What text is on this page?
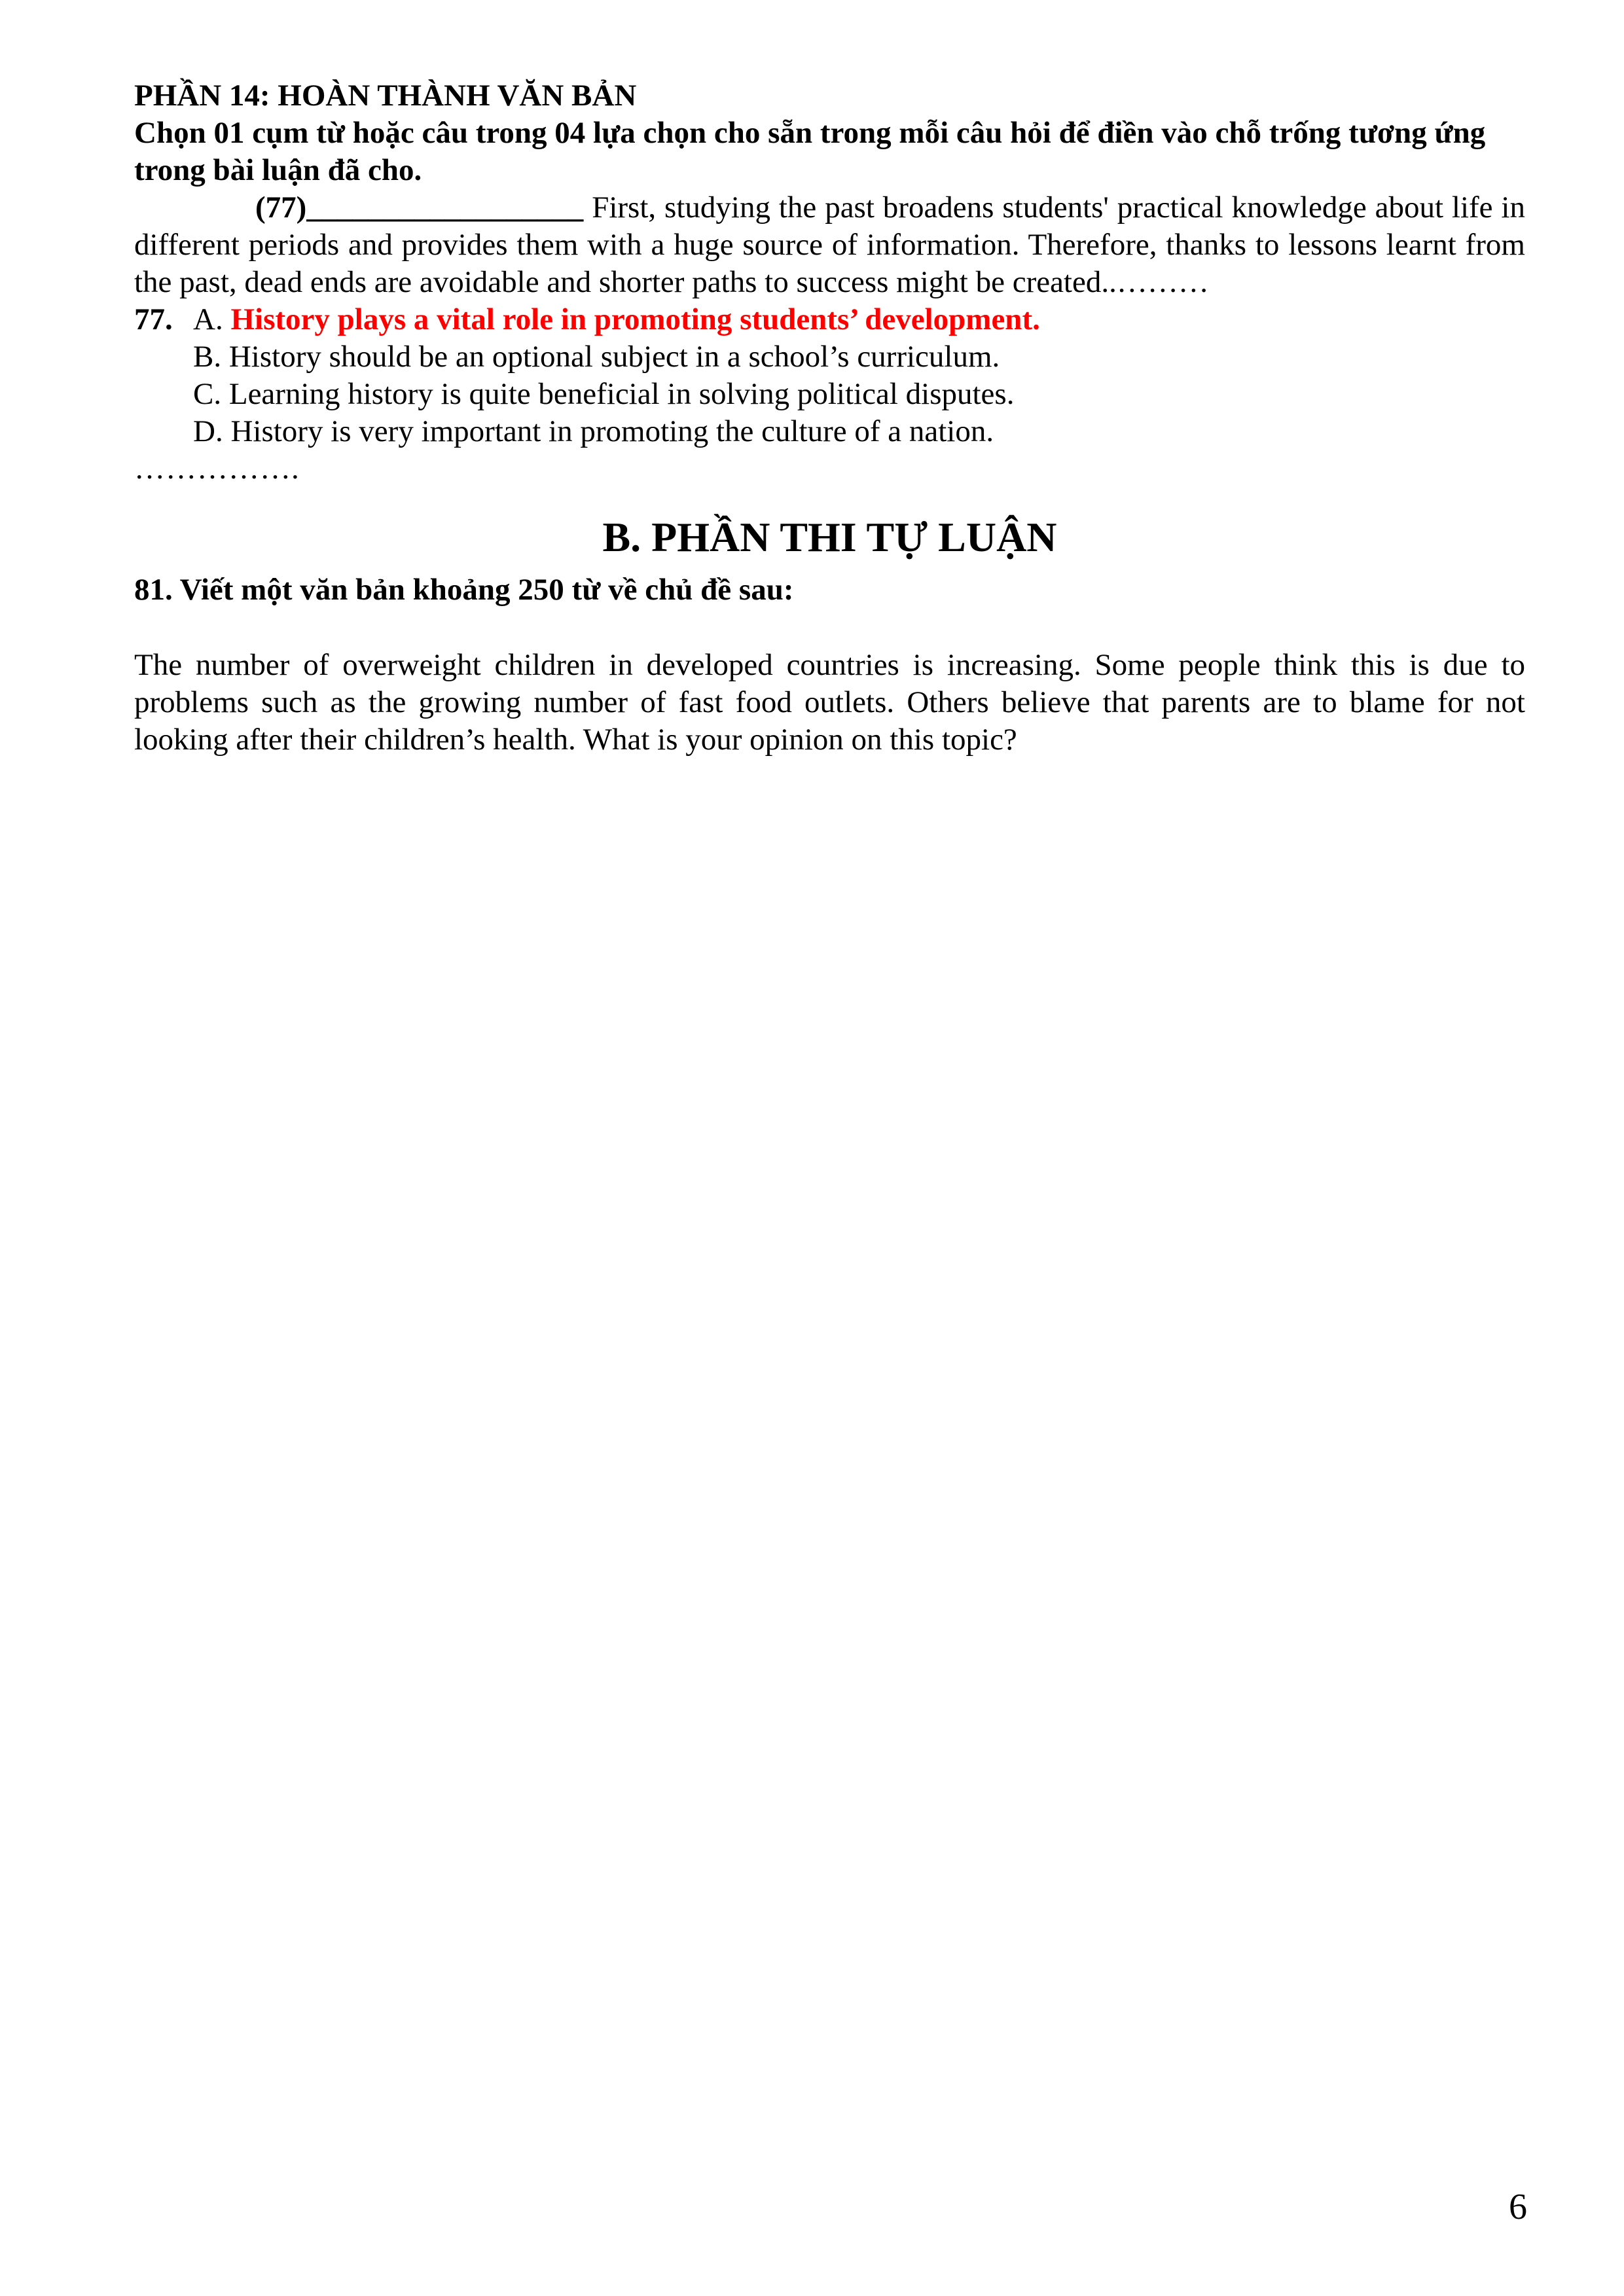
PHẦN 14: HOÀN THÀNH VĂN BẢN

Chọn 01 cụm từ hoặc câu trong 04 lựa chọn cho sẵn trong mỗi câu hỏi để điền vào chỗ trống tương ứng trong bài luận đã cho.

(77)__________________ First, studying the past broadens students' practical knowledge about life in different periods and provides them with a huge source of information. Therefore, thanks to lessons learnt from the past, dead ends are avoidable and shorter paths to success might be created..………

77. A. History plays a vital role in promoting students’ development.

B. History should be an optional subject in a school’s curriculum.

C. Learning history is quite beneficial in solving political disputes.

D. History is very important in promoting the culture of a nation.

…………….

B. PHẦN THI TỰ LUẬN

81. Viết một văn bản khoảng 250 từ về chủ đề sau:

The number of overweight children in developed countries is increasing. Some people think this is due to problems such as the growing number of fast food outlets. Others believe that parents are to blame for not looking after their children’s health. What is your opinion on this topic?

6
